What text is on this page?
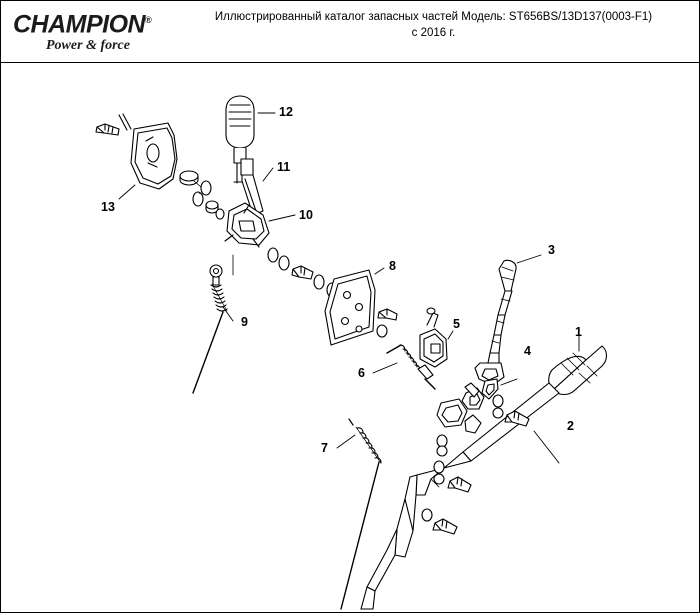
CHAMPION®
Power & force
Иллюстрированный каталог запасных частей Модель: ST656BS/13D137(0003-F1)
с 2016 г.
1
2
3
4
5
6
7
8
9
10
11
12
13
